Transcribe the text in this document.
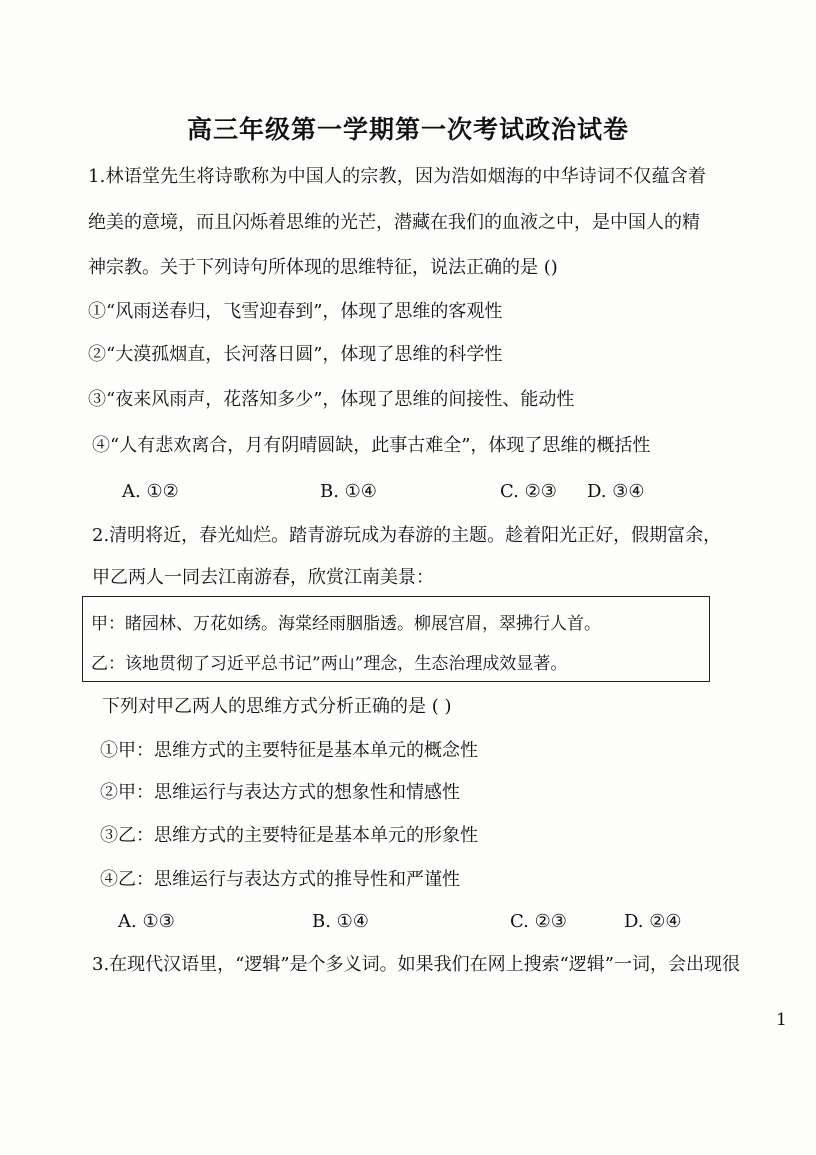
高三年级第一学期第一次考试政治试卷
1.林语堂先生将诗歌称为中国人的宗教，因为浩如烟海的中华诗词不仅蕴含着
绝美的意境，而且闪烁着思维的光芒，潜藏在我们的血液之中，是中国人的精
神宗教。关于下列诗句所体现的思维特征，说法正确的是 ()
①“风雨送春归，飞雪迎春到”，体现了思维的客观性
②“大漠孤烟直，长河落日圆”，体现了思维的科学性
③“夜来风雨声，花落知多少”，体现了思维的间接性、能动性
④“人有悲欢离合，月有阴晴圆缺，此事古难全”，体现了思维的概括性
A. ①②	B. ①④	C. ②③ D. ③④
2.清明将近，春光灿烂。踏青游玩成为春游的主题。趁着阳光正好，假期富余，
甲乙两人一同去江南游春，欣赏江南美景：
甲：睹园林、万花如绣。海棠经雨胭脂透。柳展宫眉，翠拂行人首。
乙：该地贯彻了习近平总书记”两山”理念，生态治理成效显著。
下列对甲乙两人的思维方式分析正确的是 ( )
①甲：思维方式的主要特征是基本单元的概念性
②甲：思维运行与表达方式的想象性和情感性
③乙：思维方式的主要特征是基本单元的形象性
④乙：思维运行与表达方式的推导性和严谨性
A. ①③	B. ①④	C. ②③	D. ②④
3.在现代汉语里，“逻辑”是个多义词。如果我们在网上搜索“逻辑”一词，会出现很
1
